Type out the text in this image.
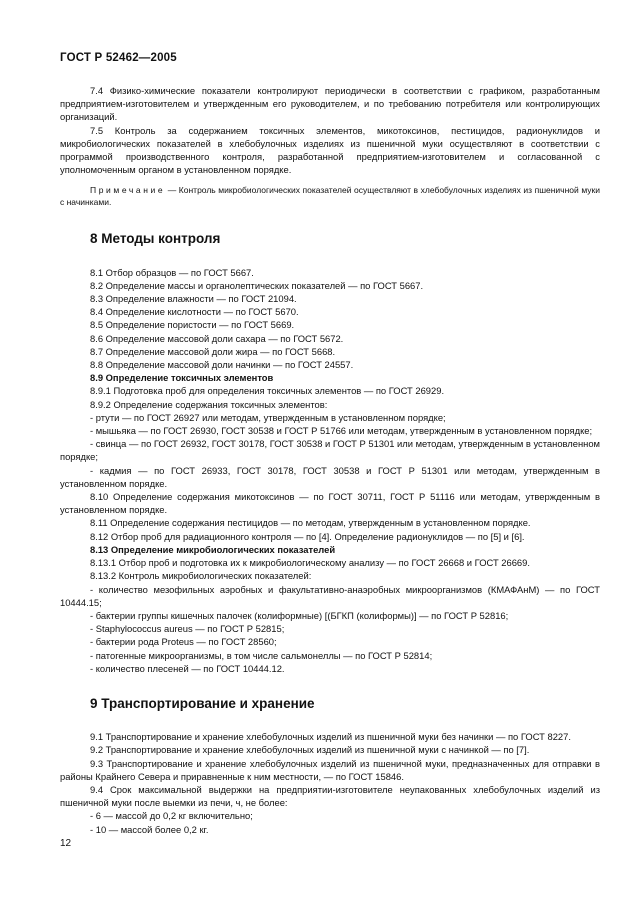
ГОСТ Р 52462—2005

7.4 Физико-химические показатели контролируют периодически в соответствии с графиком, разработанным предприятием-изготовителем и утвержденным его руководителем, и по требованию потребителя или контролирующих организаций.

7.5 Контроль за содержанием токсичных элементов, микотоксинов, пестицидов, радионуклидов и микробиологических показателей в хлебобулочных изделиях из пшеничной муки осуществляют в соответствии с программой производственного контроля, разработанной предприятием-изготовителем и согласованной с уполномоченным органом в установленном порядке.

Примечание — Контроль микробиологических показателей осуществляют в хлебобулочных изделиях из пшеничной муки с начинками.

8 Методы контроля

8.1 Отбор образцов — по ГОСТ 5667.

8.2 Определение массы и органолептических показателей — по ГОСТ 5667.

8.3 Определение влажности — по ГОСТ 21094.

8.4 Определение кислотности — по ГОСТ 5670.

8.5 Определение пористости — по ГОСТ 5669.

8.6 Определение массовой доли сахара — по ГОСТ 5672.

8.7 Определение массовой доли жира — по ГОСТ 5668.

8.8 Определение массовой доли начинки — по ГОСТ 24557.

8.9 Определение токсичных элементов

8.9.1 Подготовка проб для определения токсичных элементов — по ГОСТ 26929.

8.9.2 Определение содержания токсичных элементов:

- ртути — по ГОСТ 26927 или методам, утвержденным в установленном порядке;

- мышьяка — по ГОСТ 26930, ГОСТ 30538 и ГОСТ Р 51766 или методам, утвержденным в установленном порядке;

- свинца — по ГОСТ 26932, ГОСТ 30178, ГОСТ 30538 и ГОСТ Р 51301 или методам, утвержденным в установленном порядке;

- кадмия — по ГОСТ 26933, ГОСТ 30178, ГОСТ 30538 и ГОСТ Р 51301 или методам, утвержденным в установленном порядке.

8.10 Определение содержания микотоксинов — по ГОСТ 30711, ГОСТ Р 51116 или методам, утвержденным в установленном порядке.

8.11 Определение содержания пестицидов — по методам, утвержденным в установленном порядке.

8.12 Отбор проб для радиационного контроля — по [4]. Определение радионуклидов — по [5] и [6].

8.13 Определение микробиологических показателей

8.13.1 Отбор проб и подготовка их к микробиологическому анализу — по ГОСТ 26668 и ГОСТ 26669.

8.13.2 Контроль микробиологических показателей:

- количество мезофильных аэробных и факультативно-анаэробных микроорганизмов (КМАФАнМ) — по ГОСТ 10444.15;

- бактерии группы кишечных палочек (колиформные) [(БГКП (колиформы)] — по ГОСТ Р 52816;

- Staphylococcus aureus — по ГОСТ Р 52815;

- бактерии рода Proteus — по ГОСТ 28560;

- патогенные микроорганизмы, в том числе сальмонеллы — по ГОСТ Р 52814;

- количество плесеней — по ГОСТ 10444.12.

9 Транспортирование и хранение

9.1 Транспортирование и хранение хлебобулочных изделий из пшеничной муки без начинки — по ГОСТ 8227.

9.2 Транспортирование и хранение хлебобулочных изделий из пшеничной муки с начинкой — по [7].

9.3 Транспортирование и хранение хлебобулочных изделий из пшеничной муки, предназначенных для отправки в районы Крайнего Севера и приравненные к ним местности, — по ГОСТ 15846.

9.4 Срок максимальной выдержки на предприятии-изготовителе неупакованных хлебобулочных изделий из пшеничной муки после выемки из печи, ч, не более:

- 6 — массой до 0,2 кг включительно;

- 10 — массой более 0,2 кг.

12
